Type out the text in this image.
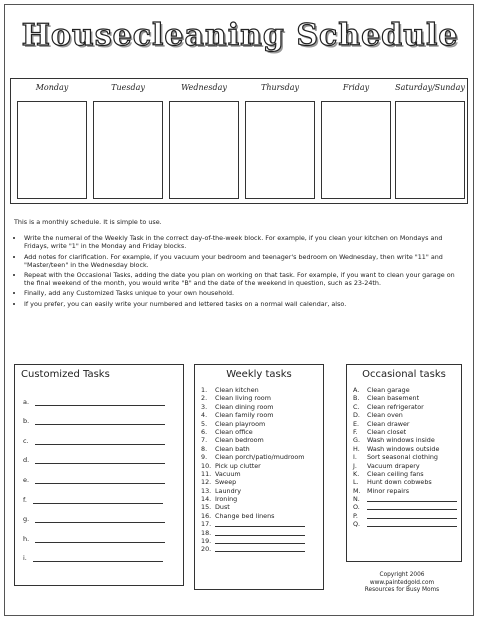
Housecleaning Schedule
Monday	Tuesday	Wednesday	Thursday	Friday	Saturday/Sunday

This is a monthly schedule. It is simple to use.

• Write the numeral of the Weekly Task in the correct day-of-the-week block. For example, if you clean your kitchen on Mondays and Fridays, write "1" in the Monday and Friday blocks.
• Add notes for clarification. For example, if you vacuum your bedroom and teenager's bedroom on Wednesday, then write "11" and "Master/teen" in the Wednesday block.
• Repeat with the Occasional Tasks, adding the date you plan on working on that task. For example, if you want to clean your garage on the final weekend of the month, you would write "B" and the date of the weekend in question, such as 23-24th.
• Finally, add any Customized Tasks unique to your own household.
• If you prefer, you can easily write your numbered and lettered tasks on a normal wall calendar, also.
Customized Tasks
a.
b.
c.
d.
e.
f.
g.
h.
i.
Weekly tasks
1.	Clean kitchen
2.	Clean living room
3.	Clean dining room
4.	Clean family room
5.	Clean playroom
6.	Clean office
7.	Clean bedroom
8.	Clean bath
9.	Clean porch/patio/mudroom
10. Pick up clutter
11. Vacuum
12. Sweep
13. Laundry
14. Ironing
15. Dust
16. Change bed linens
17.
18.
19.
20.
Occasional tasks
A.	Clean garage
B.	Clean basement
C.	Clean refrigerator
D.	Clean oven
E.	Clean drawer
F.	Clean closet
G.	Wash windows inside
H.	Wash windows outside
I.	Sort seasonal clothing
J.	Vacuum drapery
K.	Clean ceiling fans
L.	Hunt down cobwebs
M.	Minor repairs
N.
O.
P.
Q.
Copyright 2006
www.paintedgold.com
Resources for Busy Moms
